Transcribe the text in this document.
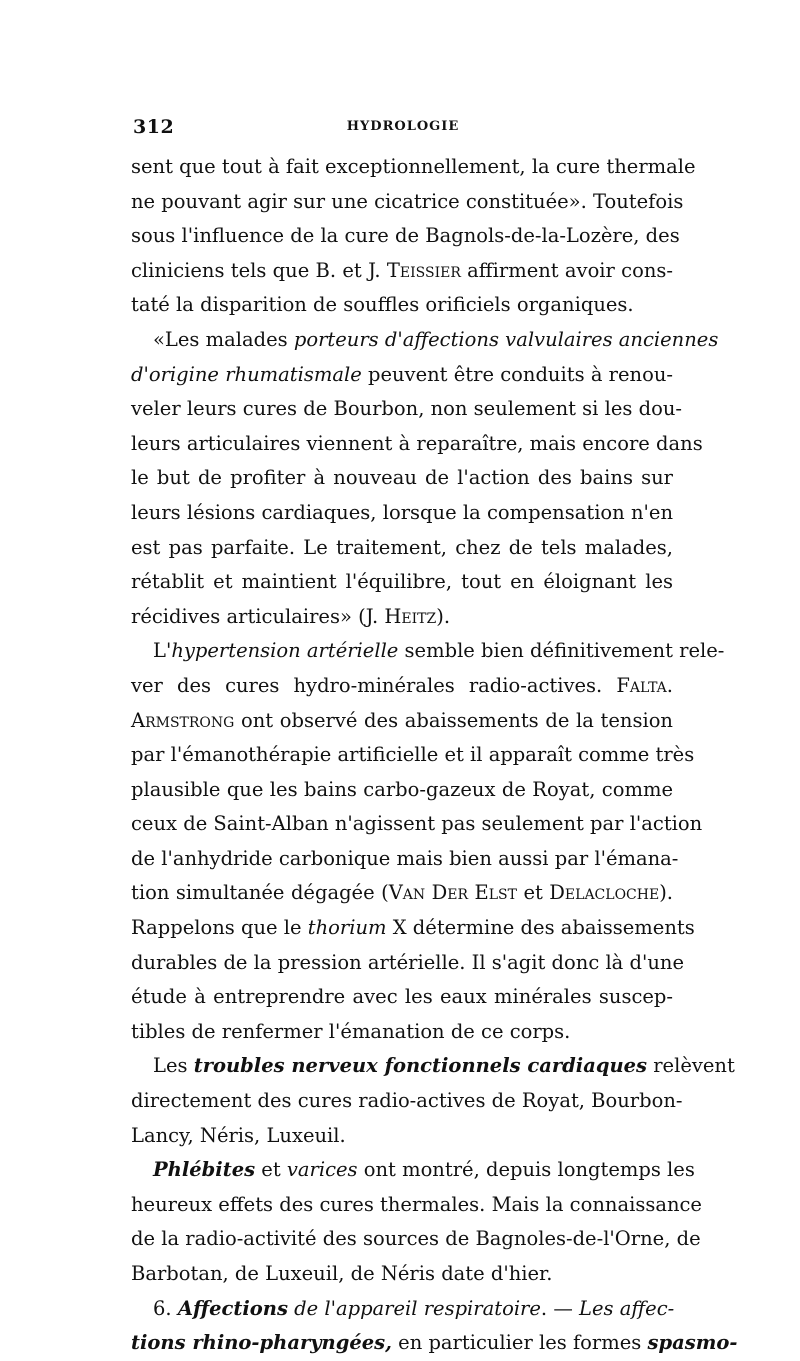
312	HYDROLOGIE
sent que tout à fait exceptionnellement, la cure thermale
ne pouvant agir sur une cicatrice constituée». Toutefois
sous l'influence de la cure de Bagnols-de-la-Lozère, des
cliniciens tels que B. et J. Teissier affirment avoir cons-
taté la disparition de souffles orificiels organiques.
«Les malades porteurs d'affections valvulaires anciennes
d'origine rhumatismale peuvent être conduits à renou-
veler leurs cures de Bourbon, non seulement si les dou-
leurs articulaires viennent à reparaître, mais encore dans
le but de profiter à nouveau de l'action des bains sur
leurs lésions cardiaques, lorsque la compensation n'en
est pas parfaite. Le traitement, chez de tels malades,
rétablit et maintient l'équilibre, tout en éloignant les
récidives articulaires» (J. Heitz).
L'hypertension artérielle semble bien définitivement rele-
ver des cures hydro-minérales radio-actives. Falta.
Armstrong ont observé des abaissements de la tension
par l'émanothérapie artificielle et il apparaît comme très
plausible que les bains carbo-gazeux de Royat, comme
ceux de Saint-Alban n'agissent pas seulement par l'action
de l'anhydride carbonique mais bien aussi par l'émana-
tion simultanée dégagée (Van Der Elst et Delacloche).
Rappelons que le thorium X détermine des abaissements
durables de la pression artérielle. Il s'agit donc là d'une
étude à entreprendre avec les eaux minérales suscep-
tibles de renfermer l'émanation de ce corps.
Les troubles nerveux fonctionnels cardiaques relèvent
directement des cures radio-actives de Royat, Bourbon-
Lancy, Néris, Luxeuil.
Phlébites et varices ont montré, depuis longtemps les
heureux effets des cures thermales. Mais la connaissance
de la radio-activité des sources de Bagnoles-de-l'Orne, de
Barbotan, de Luxeuil, de Néris date d'hier.
6. Affections de l'appareil respiratoire. — Les affec-
tions rhino-pharyngées, en particulier les formes spasmo-
